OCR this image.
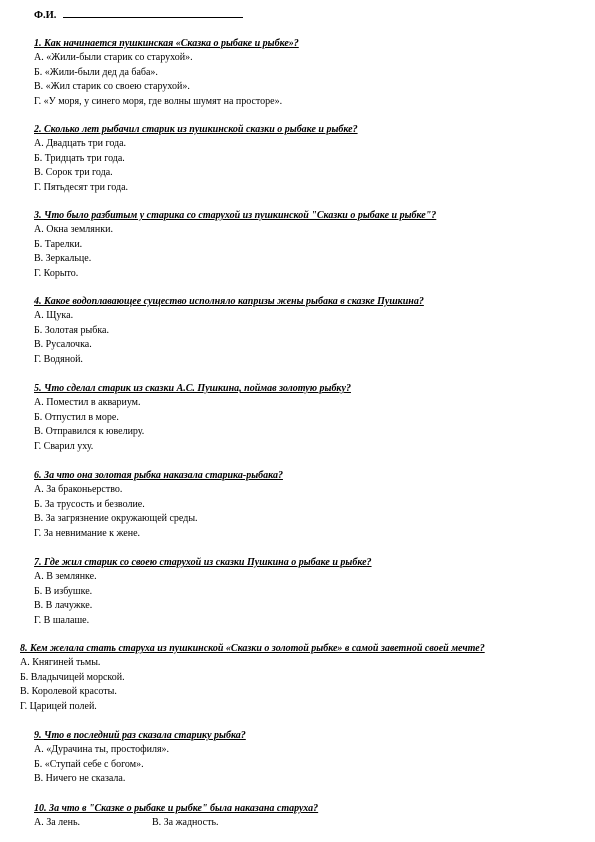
Ф.И.
1. Как начинается пушкинская «Сказка о рыбаке и рыбке»?
А. «Жили-были старик со старухой».
Б. «Жили-были дед да баба».
В. «Жил старик со своею старухой».
Г. «У моря, у синего моря, где волны шумят на просторе».
2. Сколько лет рыбачил старик из пушкинской сказки о рыбаке и рыбке?
А. Двадцать три года.
Б. Тридцать три года.
В. Сорок три года.
Г. Пятьдесят три года.
3. Что было разбитым у старика со старухой из пушкинской "Сказки о рыбаке и рыбке"?
А. Окна землянки.
Б. Тарелки.
В. Зеркальце.
Г. Корыто.
4. Какое водоплавающее существо исполняло капризы жены рыбака в сказке Пушкина?
А. Щука.
Б. Золотая рыбка.
В. Русалочка.
Г. Водяной.
5. Что сделал старик из сказки А.С. Пушкина, поймав золотую рыбку?
А. Поместил в аквариум.
Б. Отпустил в море.
В. Отправился к ювелиру.
Г. Сварил уху.
6. За что она золотая рыбка наказала старика-рыбака?
А. За браконьерство.
Б. За трусость и безволие.
В. За загрязнение окружающей среды.
Г. За невнимание к жене.
7. Где жил старик со своею старухой из сказки Пушкина о рыбаке и рыбке?
А. В землянке.
Б. В избушке.
В. В лачужке.
Г. В шалаше.
8. Кем желала стать старуха из пушкинской «Сказки о золотой рыбке» в самой заветной своей мечте?
А. Княгиней тьмы.
Б. Владычицей морской.
В. Королевой красоты.
Г. Царицей полей.
9. Что в последний раз сказала старику рыбка?
А. «Дурачина ты, простофиля».
Б. «Ступай себе с богом».
В. Ничего не сказала.
10. За что в "Сказке о рыбаке и рыбке" была наказана старуха?
А. За лень.	В. За жадность.
